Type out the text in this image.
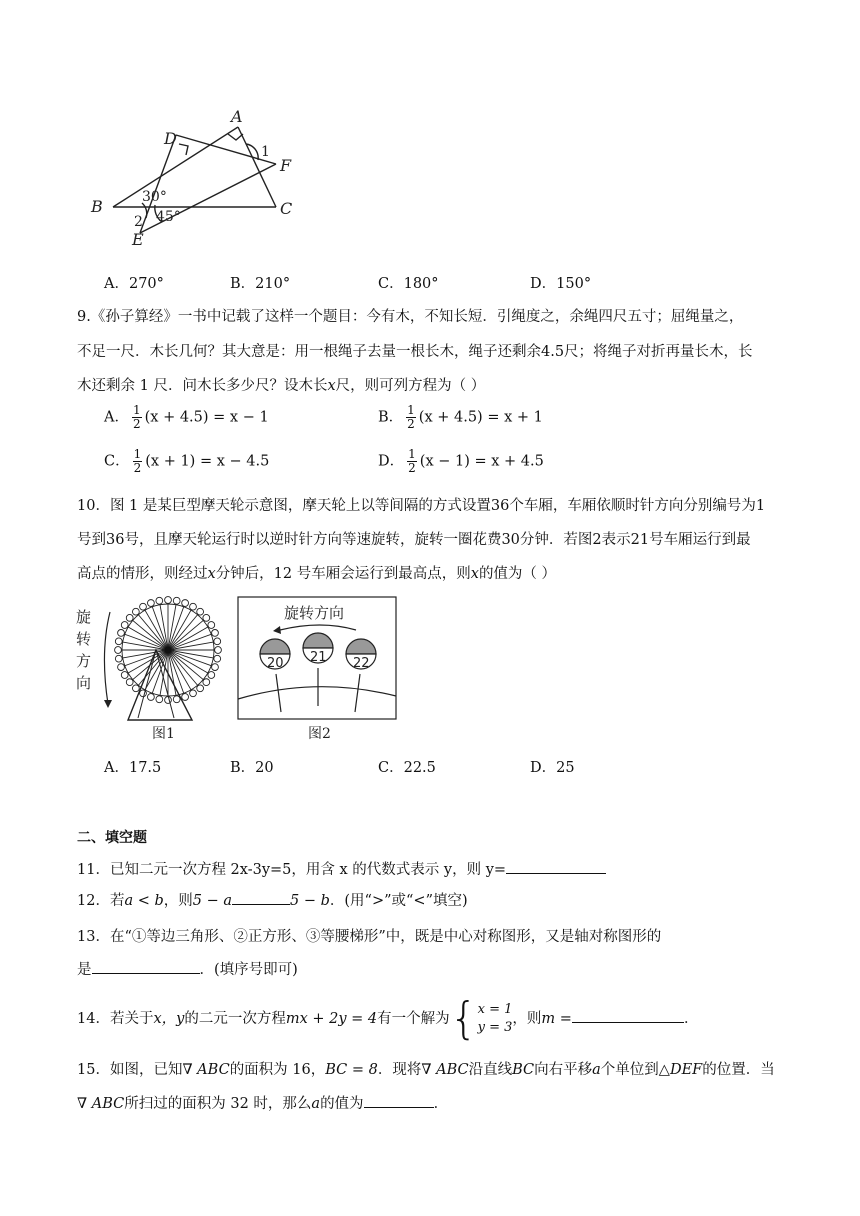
A
D
B	C
E
F
1
2
30°
45°
A．270°	B．210°	C．180°	D．150°
9.《孙子算经》一书中记载了这样一个题目：今有木，不知长短．引绳度之，余绳四尺五寸；屈绳量之，
不足一尺．木长几何？其大意是：用一根绳子去量一根长木，绳子还剩余4.5尺；将绳子对折再量长木，长
木还剩余 1 尺．问木长多少尺？设木长x尺，则可列方程为（ ）
A． $\frac{1}{2} (x + 4.5) = x - 1$	B． $\frac{1}{2} (x + 4.5) = x + 1$
C． $\frac{1}{2} (x + 1) = x - 4.5$	D． $\frac{1}{2} (x - 1) = x + 4.5$
10．图 1 是某巨型摩天轮示意图，摩天轮上以等间隔的方式设置36个车厢，车厢依顺时针方向分别编号为1
号到36号，且摩天轮运行时以逆时针方向等速旋转，旋转一圈花费30分钟．若图2表示21号车厢运行到最
高点的情形，则经过x分钟后，12 号车厢会运行到最高点，则x的值为（ ）
旋
转
方
向
图1
旋转方向
20 21 22
图2
A．17.5	B．20	C．22.5	D．25
二、填空题
11．已知二元一次方程 2x-3y=5，用含 x 的代数式表示 y，则 y=
12．若a < b，则5 − a	5 − b．(用“>”或“<”填空)
13．在“①等边三角形、②正方形、③等腰梯形”中，既是中心对称图形，又是轴对称图形的
是	．(填序号即可)
14．若关于x，y的二元一次方程mx + 2y = 4有一个解为{ x = 1
y = 3
，则m =	．
15．如图，已知∇ ABC的面积为 16，BC = 8．现将∇ ABC沿直线BC向右平移a个单位到△DEF的位置．当
∇ ABC所扫过的面积为 32 时，那么a的值为	．
